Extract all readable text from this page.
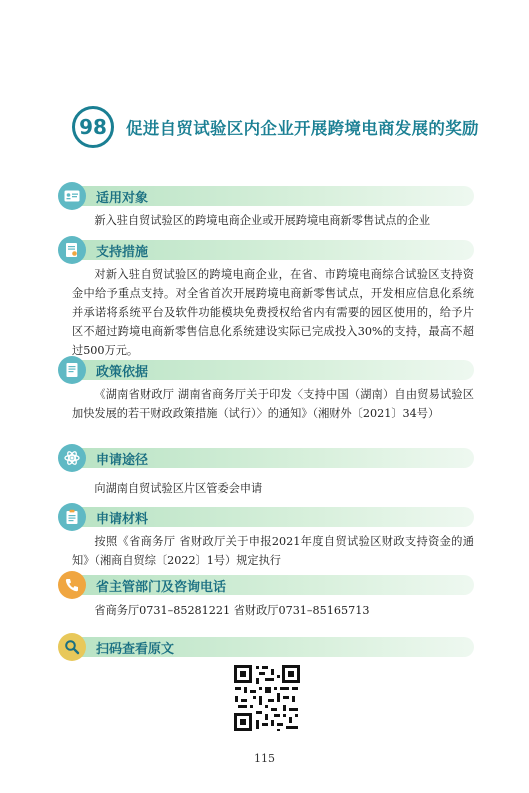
98	促进自贸试验区内企业开展跨境电商发展的奖励
适用对象
新入驻自贸试验区的跨境电商企业或开展跨境电商新零售试点的企业
支持措施
对新入驻自贸试验区的跨境电商企业，在省、市跨境电商综合试验区支持资金中给予重点支持。对全省首次开展跨境电商新零售试点，开发相应信息化系统并承诺将系统平台及软件功能模块免费授权给省内有需要的园区使用的，给予片区不超过跨境电商新零售信息化系统建设实际已完成投入30%的支持，最高不超过500万元。
政策依据
《湖南省财政厅 湖南省商务厅关于印发〈支持中国（湖南）自由贸易试验区加快发展的若干财政政策措施（试行）〉的通知》（湘财外〔2021〕34号）
申请途径
向湖南自贸试验区片区管委会申请
申请材料
按照《省商务厅 省财政厅关于申报2021年度自贸试验区财政支持资金的通知》（湘商自贸综〔2022〕1号）规定执行
省主管部门及咨询电话
省商务厅0731–85281221 省财政厅0731–85165713
扫码查看原文
115
